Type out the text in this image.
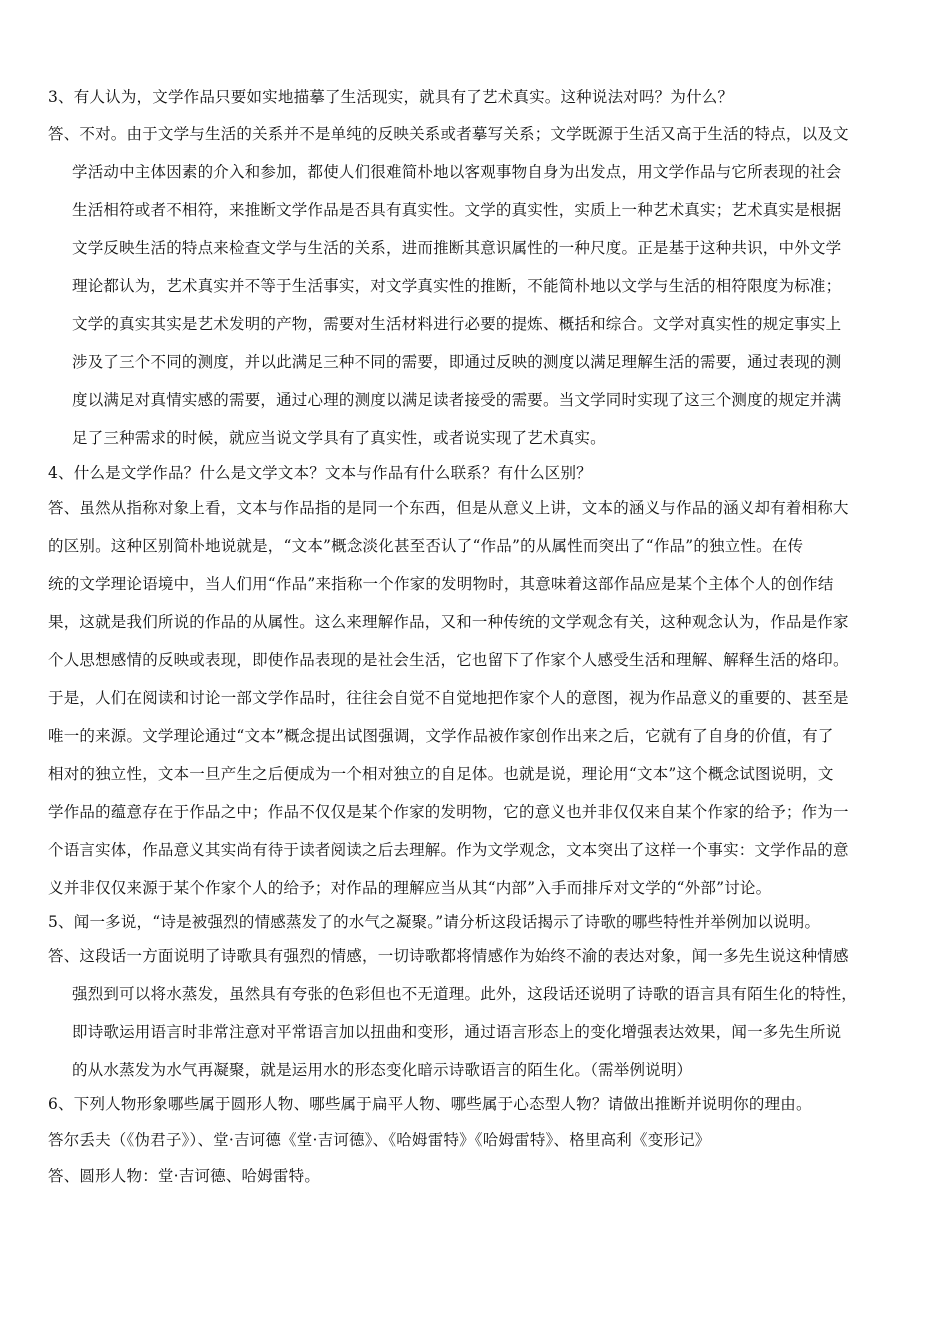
3、有人认为，文学作品只要如实地描摹了生活现实，就具有了艺术真实。这种说法对吗？为什么？
答、不对。由于文学与生活的关系并不是单纯的反映关系或者摹写关系；文学既源于生活又高于生活的特点，以及文
学活动中主体因素的介入和参加，都使人们很难简朴地以客观事物自身为出发点，用文学作品与它所表现的社会
生活相符或者不相符，来推断文学作品是否具有真实性。文学的真实性，实质上一种艺术真实；艺术真实是根据
文学反映生活的特点来检查文学与生活的关系，进而推断其意识属性的一种尺度。正是基于这种共识，中外文学
理论都认为，艺术真实并不等于生活事实，对文学真实性的推断，不能简朴地以文学与生活的相符限度为标准；
文学的真实其实是艺术发明的产物，需要对生活材料进行必要的提炼、概括和综合。文学对真实性的规定事实上
涉及了三个不同的测度，并以此满足三种不同的需要，即通过反映的测度以满足理解生活的需要，通过表现的测
度以满足对真情实感的需要，通过心理的测度以满足读者接受的需要。当文学同时实现了这三个测度的规定并满
足了三种需求的时候，就应当说文学具有了真实性，或者说实现了艺术真实。
4、什么是文学作品？什么是文学文本？文本与作品有什么联系？有什么区别？
答、虽然从指称对象上看，文本与作品指的是同一个东西，但是从意义上讲，文本的涵义与作品的涵义却有着相称大
的区别。这种区别简朴地说就是，“文本”概念淡化甚至否认了“作品”的从属性而突出了“作品”的独立性。在传
统的文学理论语境中，当人们用“作品”来指称一个作家的发明物时，其意味着这部作品应是某个主体个人的创作结
果，这就是我们所说的作品的从属性。这么来理解作品，又和一种传统的文学观念有关，这种观念认为，作品是作家
个人思想感情的反映或表现，即使作品表现的是社会生活，它也留下了作家个人感受生活和理解、解释生活的烙印。
于是，人们在阅读和讨论一部文学作品时，往往会自觉不自觉地把作家个人的意图，视为作品意义的重要的、甚至是
唯一的来源。文学理论通过“文本”概念提出试图强调，文学作品被作家创作出来之后，它就有了自身的价值，有了
相对的独立性，文本一旦产生之后便成为一个相对独立的自足体。也就是说，理论用“文本”这个概念试图说明，文
学作品的蕴意存在于作品之中；作品不仅仅是某个作家的发明物，它的意义也并非仅仅来自某个作家的给予；作为一
个语言实体，作品意义其实尚有待于读者阅读之后去理解。作为文学观念，文本突出了这样一个事实：文学作品的意
义并非仅仅来源于某个作家个人的给予；对作品的理解应当从其“内部”入手而排斥对文学的“外部”讨论。
5、闻一多说，“诗是被强烈的情感蒸发了的水气之凝聚。”请分析这段话揭示了诗歌的哪些特性并举例加以说明。
答、这段话一方面说明了诗歌具有强烈的情感，一切诗歌都将情感作为始终不渝的表达对象，闻一多先生说这种情感
强烈到可以将水蒸发，虽然具有夸张的色彩但也不无道理。此外，这段话还说明了诗歌的语言具有陌生化的特性，
即诗歌运用语言时非常注意对平常语言加以扭曲和变形，通过语言形态上的变化增强表达效果，闻一多先生所说
的从水蒸发为水气再凝聚，就是运用水的形态变化暗示诗歌语言的陌生化。（需举例说明）
6、下列人物形象哪些属于圆形人物、哪些属于扁平人物、哪些属于心态型人物？请做出推断并说明你的理由。
答尔丢夫（《伪君子》）、堂·吉诃德《堂·吉诃德》、《哈姆雷特》《哈姆雷特》、格里高利《变形记》
答、圆形人物：堂·吉诃德、哈姆雷特。
